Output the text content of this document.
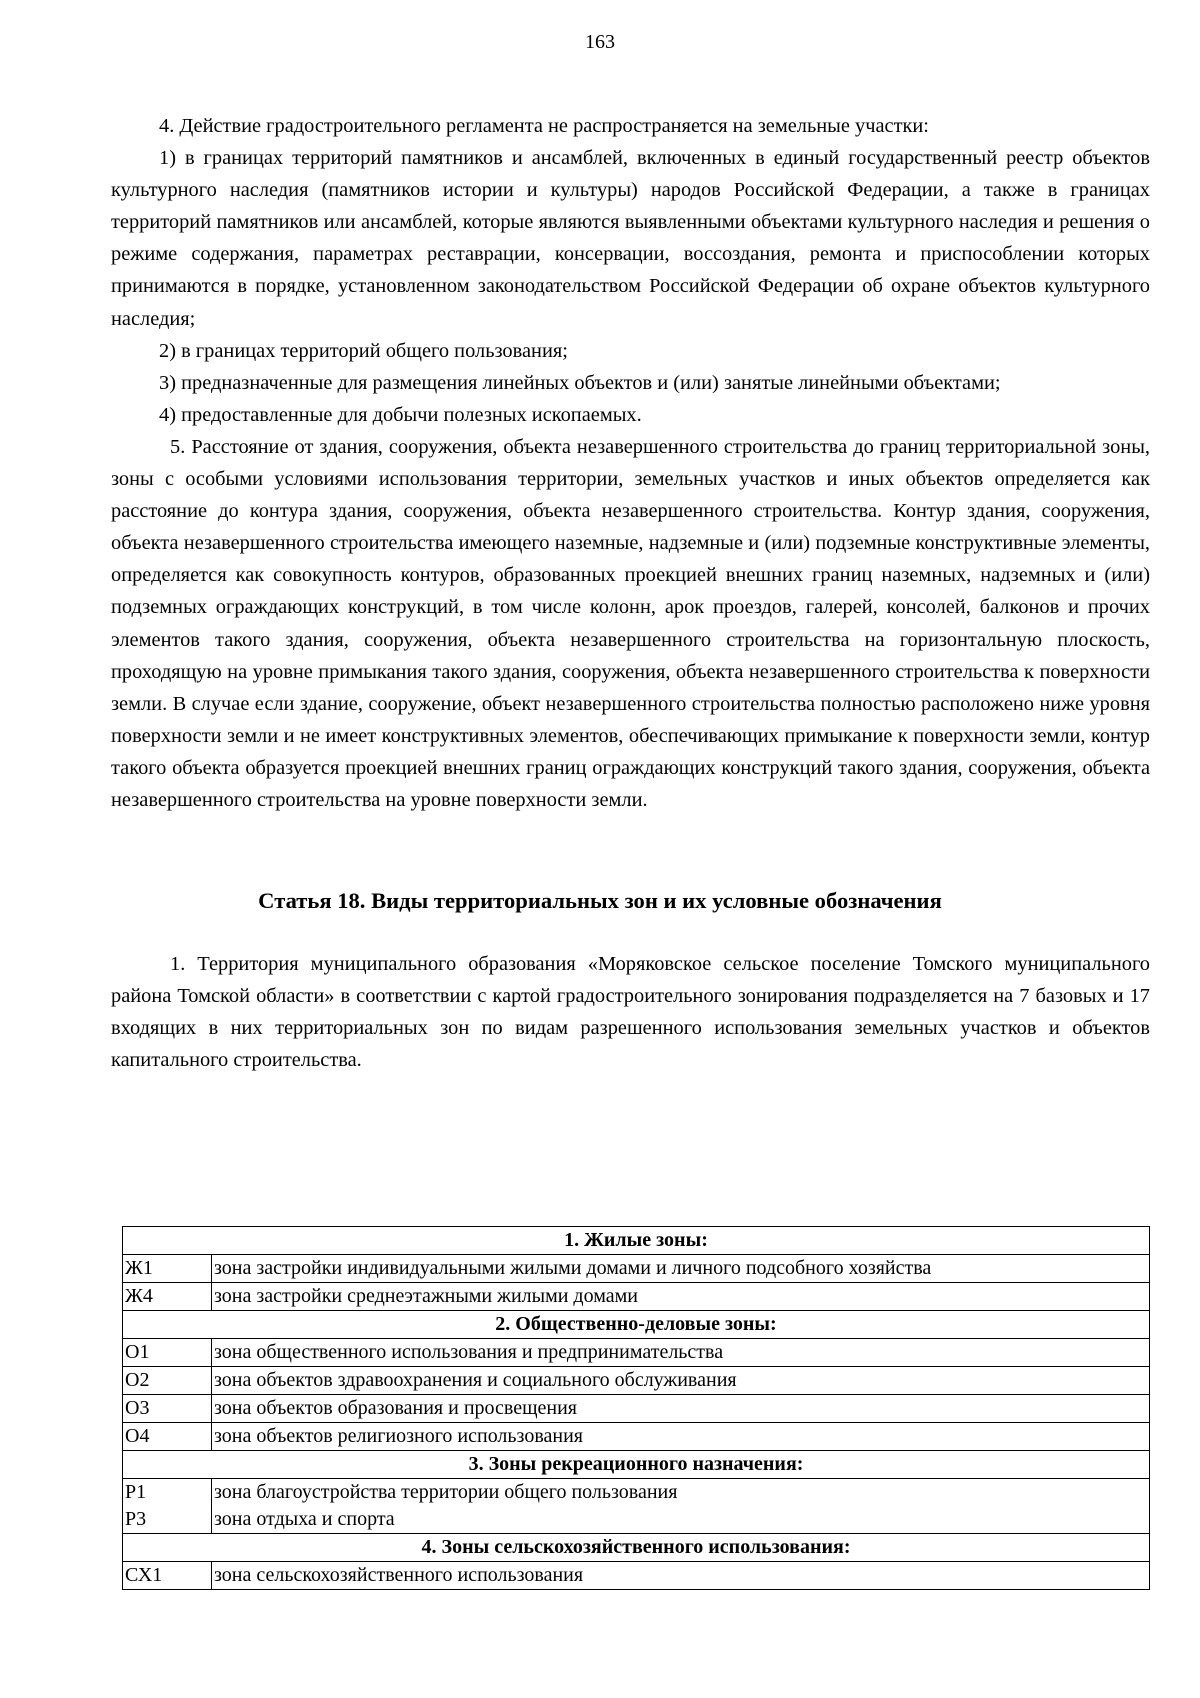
163

4. Действие градостроительного регламента не распространяется на земельные участки:

1) в границах территорий памятников и ансамблей, включенных в единый государственный реестр объектов культурного наследия (памятников истории и культуры) народов Российской Федерации, а также в границах территорий памятников или ансамблей, которые являются выявленными объектами культурного наследия и решения о режиме содержания, параметрах реставрации, консервации, воссоздания, ремонта и приспособлении которых принимаются в порядке, установленном законодательством Российской Федерации об охране объектов культурного наследия;

2) в границах территорий общего пользования;

3) предназначенные для размещения линейных объектов и (или) занятые линейными объектами;

4) предоставленные для добычи полезных ископаемых.

5. Расстояние от здания, сооружения, объекта незавершенного строительства до границ территориальной зоны, зоны с особыми условиями использования территории, земельных участков и иных объектов определяется как расстояние до контура здания, сооружения, объекта незавершенного строительства. Контур здания, сооружения, объекта незавершенного строительства имеющего наземные, надземные и (или) подземные конструктивные элементы, определяется как совокупность контуров, образованных проекцией внешних границ наземных, надземных и (или) подземных ограждающих конструкций, в том числе колонн, арок проездов, галерей, консолей, балконов и прочих элементов такого здания, сооружения, объекта незавершенного строительства на горизонтальную плоскость, проходящую на уровне примыкания такого здания, сооружения, объекта незавершенного строительства к поверхности земли. В случае если здание, сооружение, объект незавершенного строительства полностью расположено ниже уровня поверхности земли и не имеет конструктивных элементов, обеспечивающих примыкание к поверхности земли, контур такого объекта образуется проекцией внешних границ ограждающих конструкций такого здания, сооружения, объекта незавершенного строительства на уровне поверхности земли.

Статья 18. Виды территориальных зон и их условные обозначения

1. Территория муниципального образования «Моряковское сельское поселение Томского муниципального района Томской области» в соответствии с картой градостроительного зонирования подразделяется на 7 базовых и 17 входящих в них территориальных зон по видам разрешенного использования земельных участков и объектов капитального строительства.

1. Жилые зоны:	
Ж1	зона застройки индивидуальными жилыми домами и личного подсобного хозяйства
Ж4	зона застройки среднеэтажными жилыми домами
2. Общественно-деловые зоны:	
О1	зона общественного использования и предпринимательства
О2	зона объектов здравоохранения и социального обслуживания
О3	зона объектов образования и просвещения
О4	зона объектов религиозного использования
3. Зоны рекреационного назначения:	
Р1	зона благоустройства территории общего пользования
Р3	зона отдыха и спорта
4. Зоны сельскохозяйственного использования:	
СХ1	зона сельскохозяйственного использования
